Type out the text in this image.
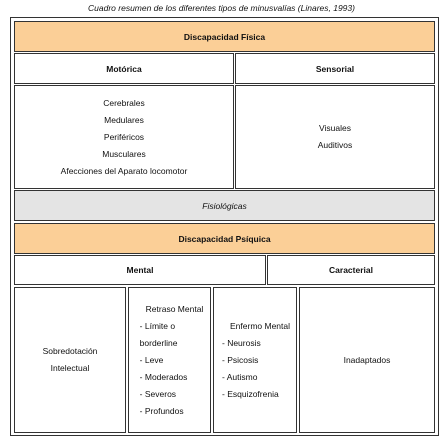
Cuadro resumen de los diferentes tipos de minusvalías (Linares, 1993)
Discapacidad Física
Motórica	Sensorial
Cerebrales
Medulares
Periféricos
Musculares
Afecciones del Aparato locomotor
Visuales
Auditivos
Fisiológicas
Discapacidad Psíquica
Mental	Caracterial
Sobredotación
Intelectual
Retraso Mental
- Límite o
borderline
- Leve
- Moderados
- Severos
- Profundos
Enfermo Mental
- Neurosis
- Psicosis
- Autismo
- Esquizofrenia
Inadaptados
